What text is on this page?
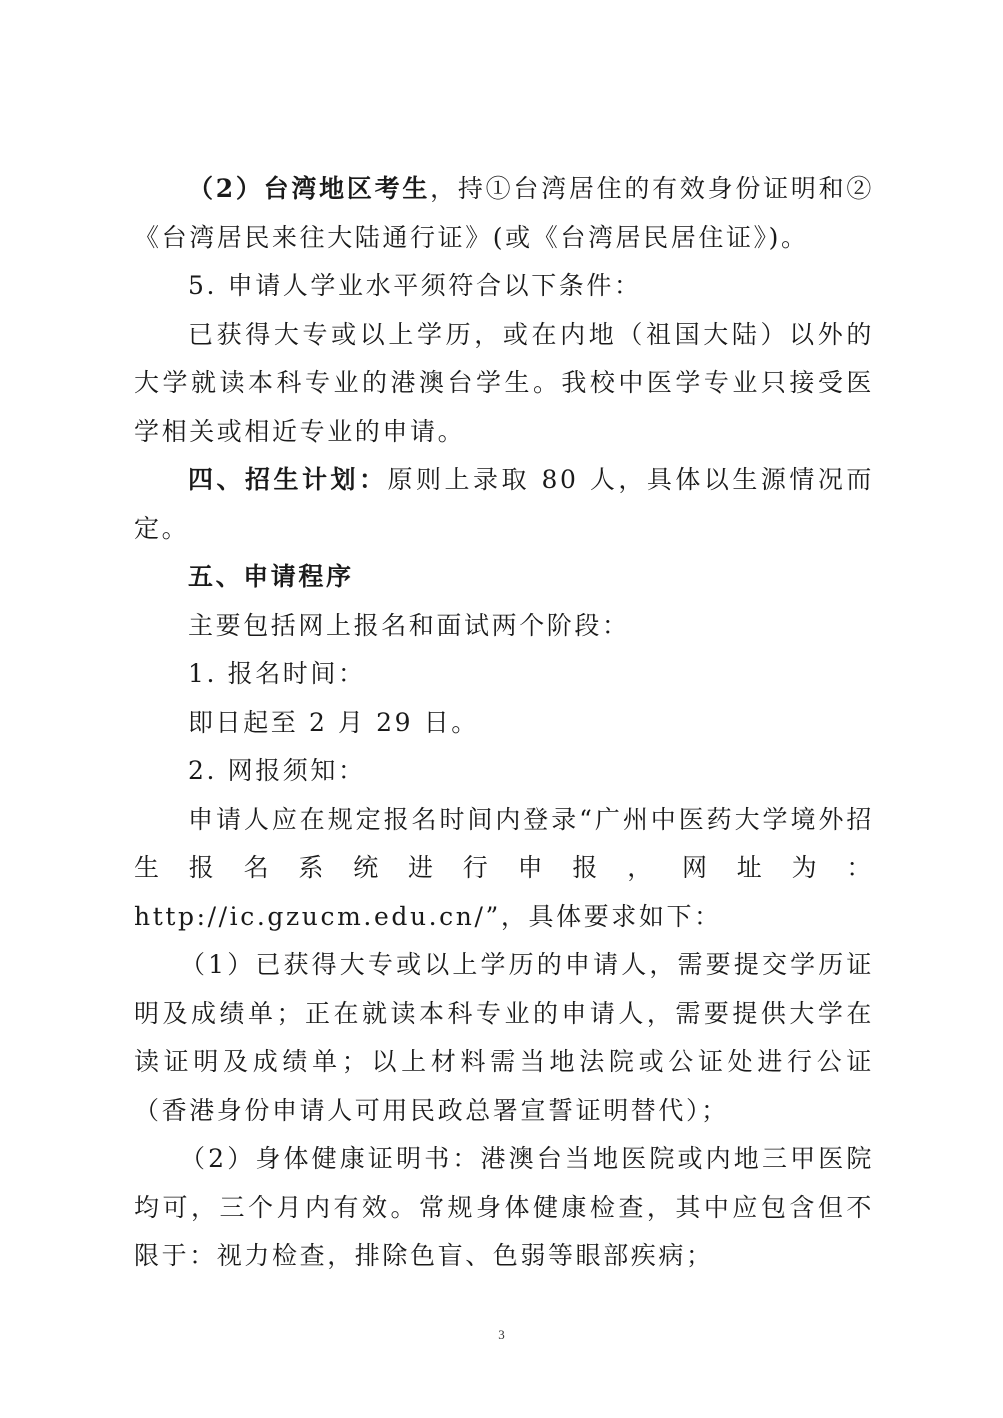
（2）台湾地区考生，持①台湾居住的有效身份证明和②《台湾居民来往大陆通行证》(或《台湾居民居住证》)。

5. 申请人学业水平须符合以下条件：

已获得大专或以上学历，或在内地（祖国大陆）以外的大学就读本科专业的港澳台学生。我校中医学专业只接受医学相关或相近专业的申请。

四、招生计划：原则上录取 80 人，具体以生源情况而定。

五、申请程序

主要包括网上报名和面试两个阶段：

1. 报名时间：

即日起至 2 月 29 日。

2. 网报须知：

申请人应在规定报名时间内登录“广州中医药大学境外招生报名系统进行申报，网址为：http://ic.gzucm.edu.cn/”，具体要求如下：

（1）已获得大专或以上学历的申请人，需要提交学历证明及成绩单；正在就读本科专业的申请人，需要提供大学在读证明及成绩单；以上材料需当地法院或公证处进行公证（香港身份申请人可用民政总署宣誓证明替代）；

（2）身体健康证明书：港澳台当地医院或内地三甲医院均可，三个月内有效。常规身体健康检查，其中应包含但不限于：视力检查，排除色盲、色弱等眼部疾病；

3
